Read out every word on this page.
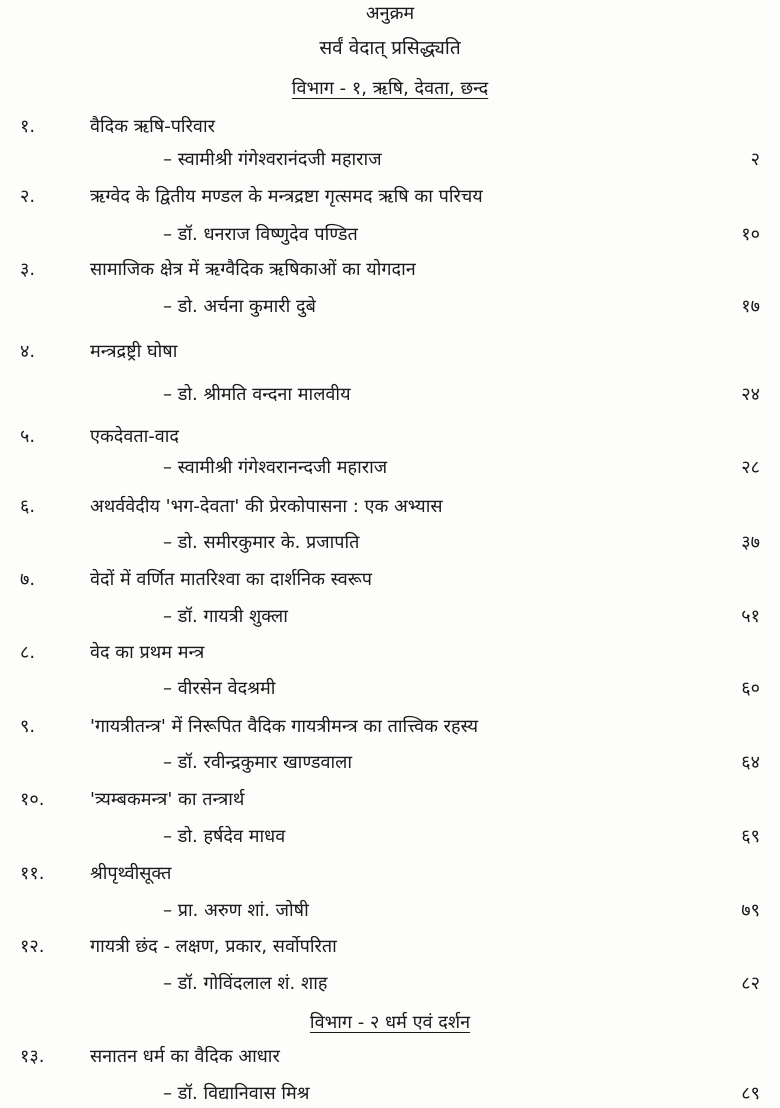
अनुक्रम
सर्वं वेदात् प्रसिद्ध्यति
विभाग - १, ऋषि, देवता, छन्द
विभाग - २ धर्म एवं दर्शन
१.	वैदिक ऋषि-परिवार
– स्वामीश्री गंगेश्वरानंदजी महाराज	२
२.	ऋग्वेद के द्वितीय मण्डल के मन्त्रद्रष्टा गृत्समद ऋषि का परिचय
– डॉ. धनराज विष्णुदेव पण्डित	१०
३.	सामाजिक क्षेत्र में ऋग्वैदिक ऋषिकाओं का योगदान
– डो. अर्चना कुमारी दुबे	१७
४.	मन्त्रद्रष्ट्री घोषा
– डो. श्रीमति वन्दना मालवीय	२४
५.	एकदेवता-वाद
– स्वामीश्री गंगेश्वरानन्दजी महाराज	२८
६.	अथर्ववेदीय 'भग-देवता' की प्रेरकोपासना : एक अभ्यास
– डो. समीरकुमार के. प्रजापति	३७
७.	वेदों में वर्णित मातरिश्वा का दार्शनिक स्वरूप
– डॉ. गायत्री शुक्ला	५१
८.	वेद का प्रथम मन्त्र
– वीरसेन वेदश्रमी	६०
९.	'गायत्रीतन्त्र' में निरूपित वैदिक गायत्रीमन्त्र का तात्त्विक रहस्य
– डॉ. रवीन्द्रकुमार खाण्डवाला	६४
१०.	'त्र्यम्बकमन्त्र' का तन्त्रार्थ
– डो. हर्षदेव माधव	६९
११.	श्रीपृथ्वीसूक्त
– प्रा. अरुण शां. जोषी	७९
१२.	गायत्री छंद - लक्षण, प्रकार, सर्वोपरिता
– डॉ. गोविंदलाल शं. शाह	८२
१३.	सनातन धर्म का वैदिक आधार
– डॉ. विद्यानिवास मिश्र	८९
